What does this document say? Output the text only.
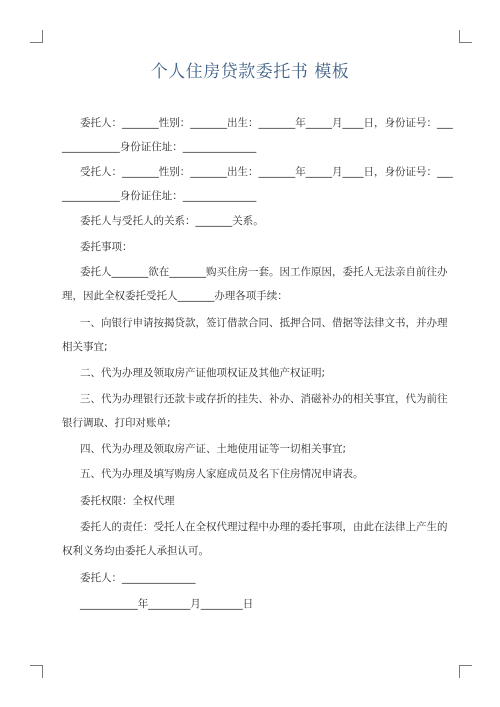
个人住房贷款委托书 模板
委托人：_______性别：_______出生：_______年_____月____日，身份证号：___
___________身份证住址：______________
受托人：_______性别：_______出生：_______年_____月____日，身份证号：___
___________身份证住址：______________
委托人与受托人的关系：_______关系。
委托事项：
委托人_______欲在_______购买住房一套。因工作原因，委托人无法亲自前往办
理，因此全权委托受托人_______办理各项手续：
一、向银行申请按揭贷款，签订借款合同、抵押合同、借据等法律文书，并办理
相关事宜;
二、代为办理及领取房产证他项权证及其他产权证明;
三、代为办理银行还款卡或存折的挂失、补办、消磁补办的相关事宜，代为前往
银行调取、打印对账单;
四、代为办理及领取房产证、土地使用证等一切相关事宜;
五、代为办理及填写购房人家庭成员及名下住房情况申请表。
委托权限：全权代理
委托人的责任：受托人在全权代理过程中办理的委托事项，由此在法律上产生的
权利义务均由委托人承担认可。
委托人：______________
___________年________月________日
